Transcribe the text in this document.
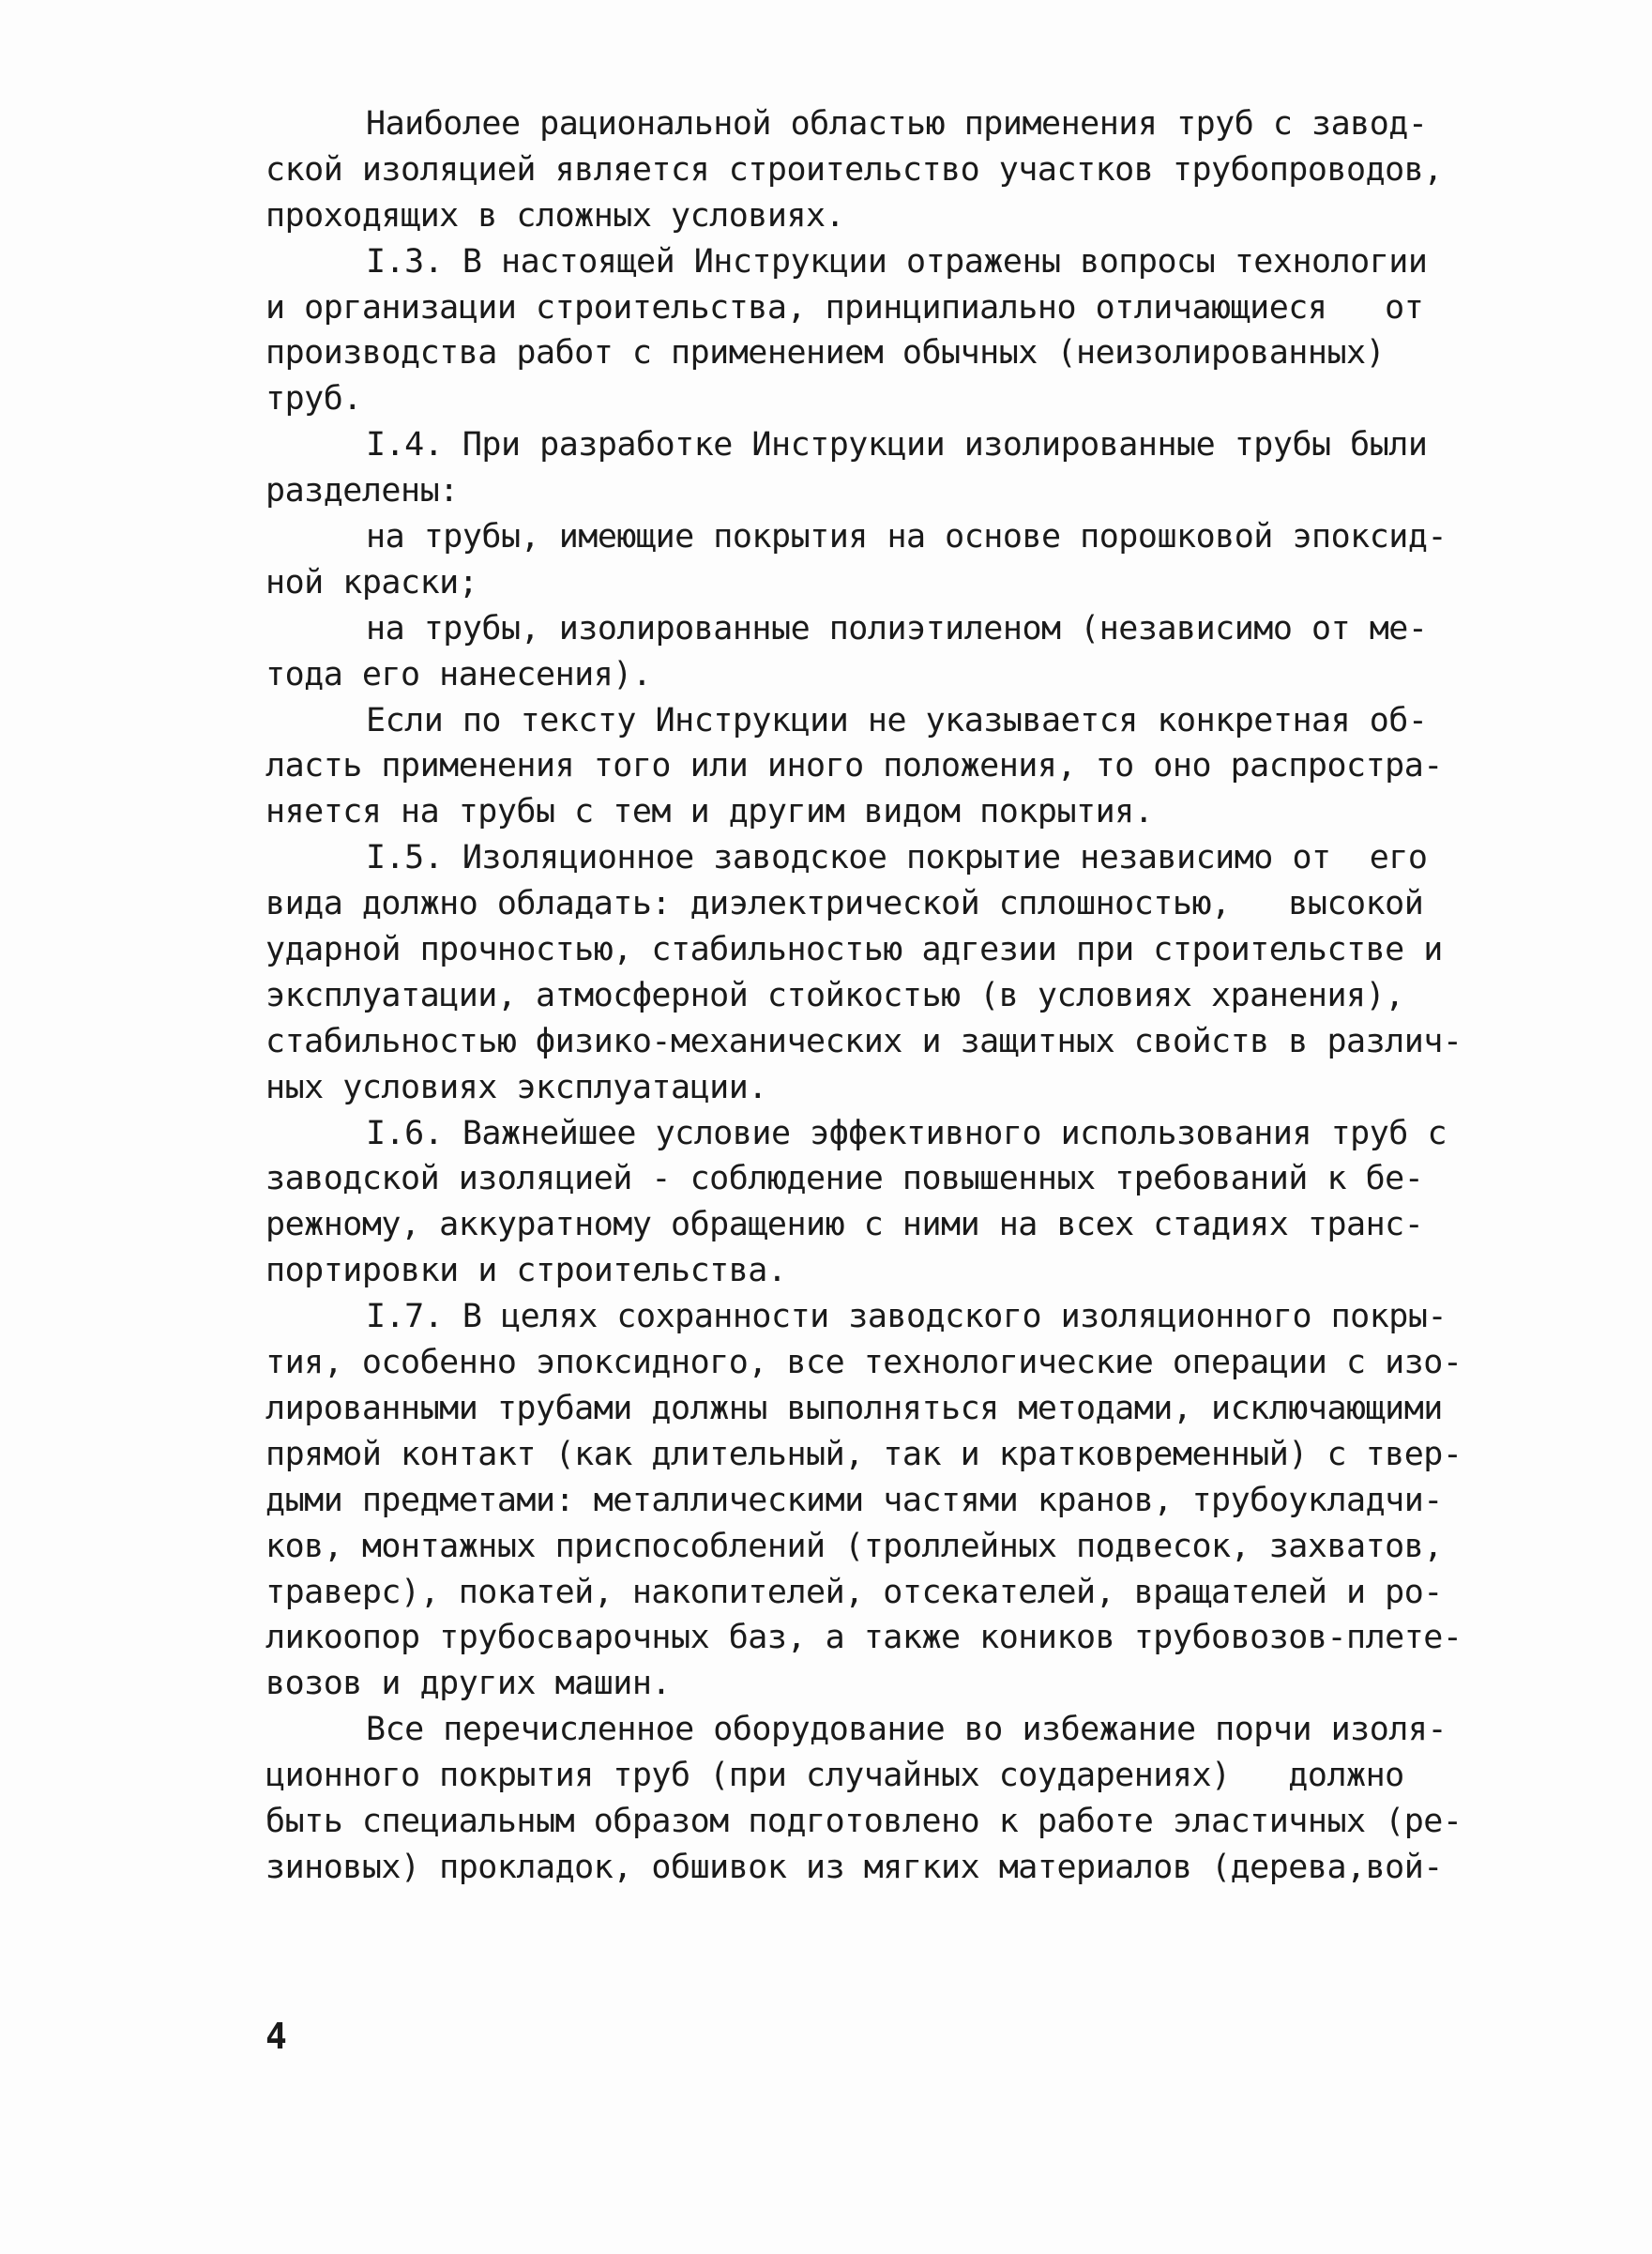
Наиболее рациональной областью применения труб с завод-
ской изоляцией является строительство участков трубопроводов,
проходящих в сложных условиях.
I.3. В настоящей Инструкции отражены вопросы технологии
и организации строительства, принципиально отличающиеся   от
производства работ с применением обычных (неизолированных)
труб.
I.4. При разработке Инструкции изолированные трубы были
разделены:
на трубы, имеющие покрытия на основе порошковой эпоксид-
ной краски;
на трубы, изолированные полиэтиленом (независимо от ме-
тода его нанесения).
Если по тексту Инструкции не указывается конкретная об-
ласть применения того или иного положения, то оно распростра-
няется на трубы с тем и другим видом покрытия.
I.5. Изоляционное заводское покрытие независимо от  его
вида должно обладать: диэлектрической сплошностью,   высокой
ударной прочностью, стабильностью адгезии при строительстве и
эксплуатации, атмосферной стойкостью (в условиях хранения),
стабильностью физико-механических и защитных свойств в различ-
ных условиях эксплуатации.
I.6. Важнейшее условие эффективного использования труб с
заводской изоляцией - соблюдение повышенных требований к бе-
режному, аккуратному обращению с ними на всех стадиях транс-
портировки и строительства.
I.7. В целях сохранности заводского изоляционного покры-
тия, особенно эпоксидного, все технологические операции с изо-
лированными трубами должны выполняться методами, исключающими
прямой контакт (как длительный, так и кратковременный) с твер-
дыми предметами: металлическими частями кранов, трубоукладчи-
ков, монтажных приспособлений (троллейных подвесок, захватов,
траверс), покатей, накопителей, отсекателей, вращателей и ро-
ликоопор трубосварочных баз, а также коников трубовозов-плете-
возов и других машин.
Все перечисленное оборудование во избежание порчи изоля-
ционного покрытия труб (при случайных соударениях)   должно
быть специальным образом подготовлено к работе эластичных (ре-
зиновых) прокладок, обшивок из мягких материалов (дерева,вой-
4
